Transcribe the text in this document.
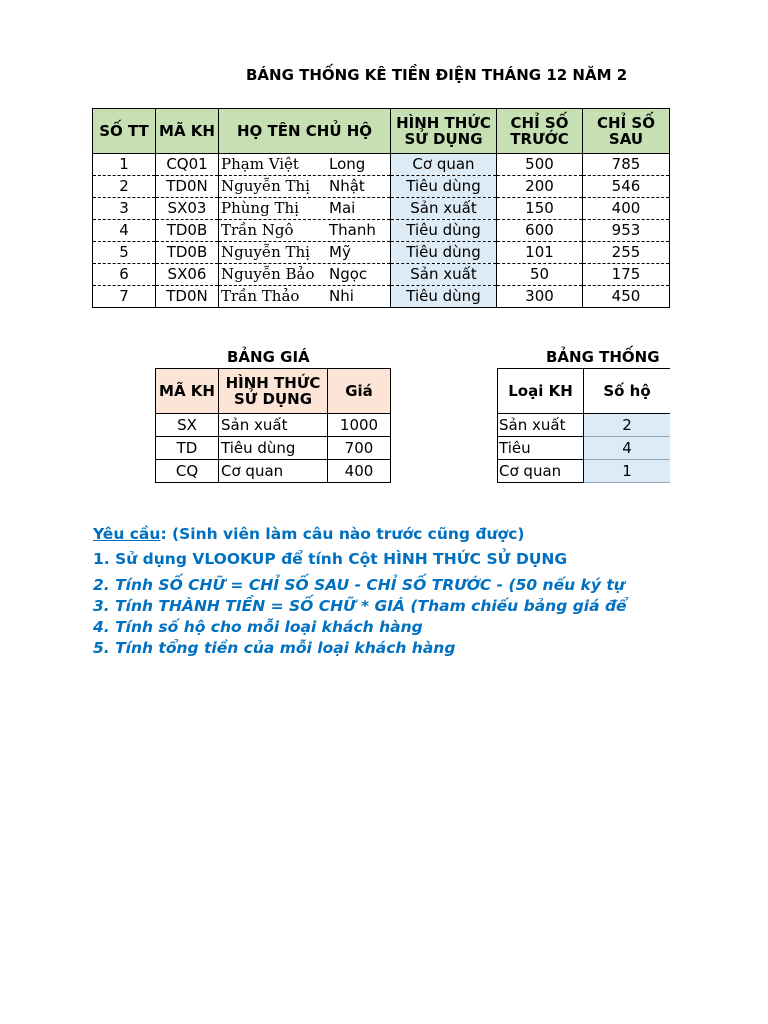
BÁNG THỐNG KÊ TIỀN ĐIỆN THÁNG 12 NĂM 2
SỐ TT	MÃ KH	HỌ TÊN CHỦ HỘ	HÌNH THỨC SỬ DỤNG	CHỈ SỐ TRƯỚC	CHỈ SỐ SAU
1	CQ01	Phạm Việt Long	Cơ quan	500	785
2	TD0N	Nguyễn Thị Nhật	Tiêu dùng	200	546
3	SX03	Phùng Thị Mai	Sản xuất	150	400
4	TD0B	Trần Ngô Thanh	Tiêu dùng	600	953
5	TD0B	Nguyễn Thị Mỹ	Tiêu dùng	101	255
6	SX06	Nguyễn Bảo Ngọc	Sản xuất	50	175
7	TD0N	Trần Thảo Nhi	Tiêu dùng	300	450
BẢNG GIÁ	BẢNG THỐNG
MÃ KH	HÌNH THỨC SỬ DỤNG	Giá
SX	Sản xuất	1000
TD	Tiêu dùng	700
CQ	Cơ quan	400
Loại KH	Số hộ
Sản xuất	2
Tiêu	4
Cơ quan	1
Yêu cầu: (Sinh viên làm câu nào trước cũng được)
1. Sử dụng VLOOKUP để tính Cột HÌNH THỨC SỬ DỤNG
2. Tính SỐ CHỮ = CHỈ SỐ SAU - CHỈ SỐ TRƯỚC - (50 nếu ký tự
3. Tính THÀNH TIỀN = SỐ CHỮ * GIÁ (Tham chiếu bảng giá để
4. Tính số hộ cho mỗi loại khách hàng
5. Tính tổng tiền của mỗi loại khách hàng
